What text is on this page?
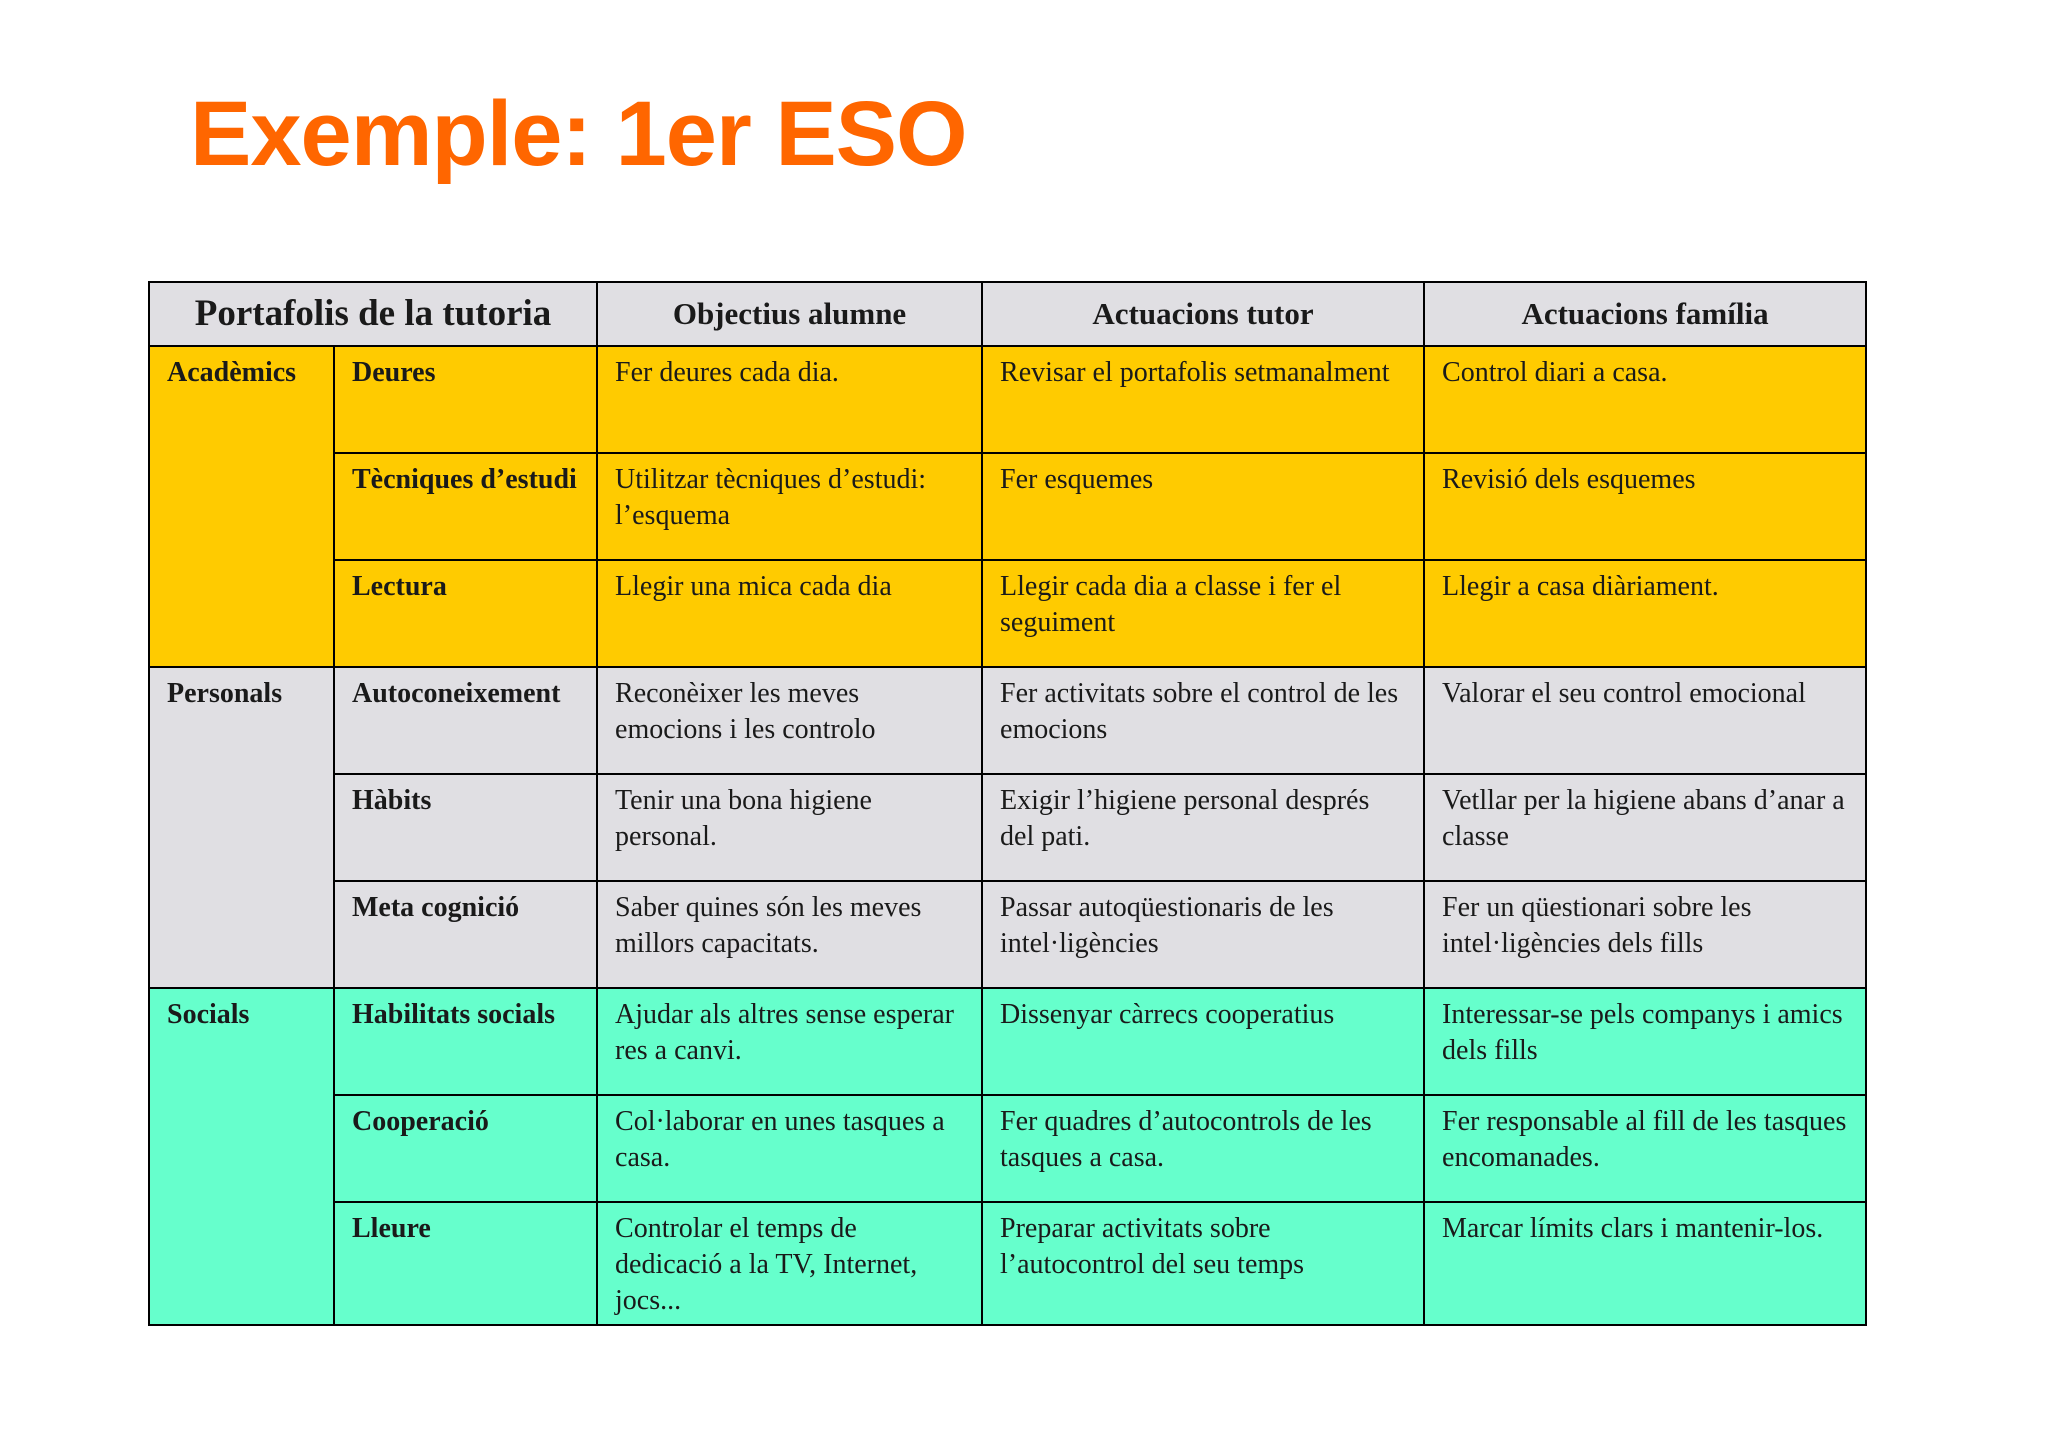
Exemple: 1er ESO
Portafolis de la tutoria		Objectius alumne	Actuacions tutor	Actuacions família
Acadèmics	Deures	Fer deures cada dia.	Revisar el portafolis setmanalment	Control diari a casa.
	Tècniques d’estudi	Utilitzar tècniques d’estudi: l’esquema	Fer esquemes	Revisió dels esquemes
	Lectura	Llegir una mica cada dia	Llegir cada dia a classe i fer el seguiment	Llegir a casa diàriament.
Personals	Autoconeixement	Reconèixer les meves emocions i les controlo	Fer activitats sobre el control de les emocions	Valorar el seu control emocional
	Hàbits	Tenir una bona higiene personal.	Exigir l’higiene personal després del pati.	Vetllar per la higiene abans d’anar a classe
	Meta cognició	Saber quines són les meves millors capacitats.	Passar autoqüestionaris de les intel·ligències	Fer un qüestionari sobre les intel·ligències dels fills
Socials	Habilitats socials	Ajudar als altres sense esperar res a canvi.	Dissenyar càrrecs cooperatius	Interessar-se pels companys i amics dels fills
	Cooperació	Col·laborar en unes tasques a casa.	Fer quadres d’autocontrols de les tasques a casa.	Fer responsable al fill de les tasques encomanades.
	Lleure	Controlar el temps de dedicació a la TV, Internet, jocs...	Preparar activitats sobre l’autocontrol del seu temps	Marcar límits clars i mantenir-los.
